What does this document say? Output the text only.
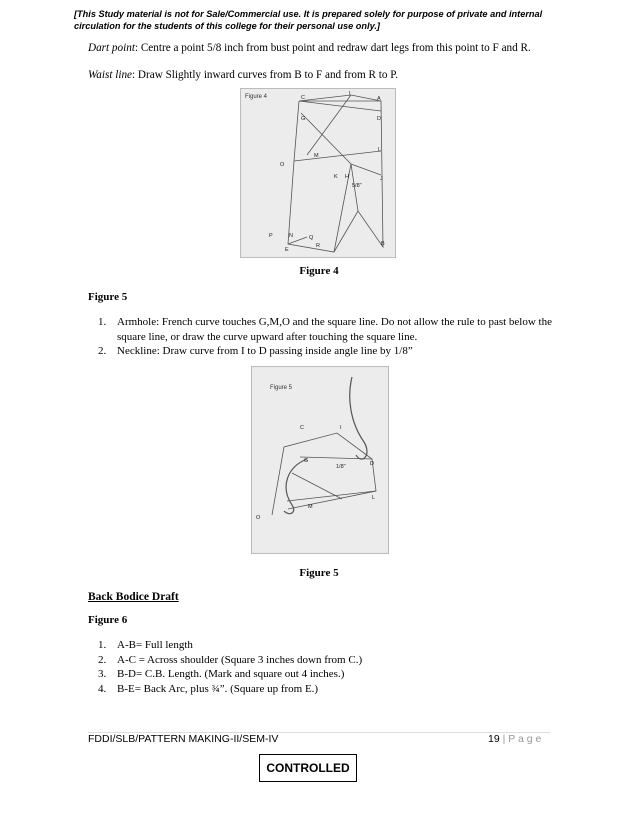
[This Study material is not for Sale/Commercial use. It is prepared solely for purpose of private and internal circulation for the students of this college for their personal use only.]
Dart point: Centre a point 5/8 inch from bust point and redraw dart legs from this point to F and R.
Waist line: Draw Slightly inward curves from B to F and from R to P.
Figure 4	C
I
A
G	D
L
M
O
K H	J
5/8"
P	N	Q
E
R	B
Figure 4
Figure 5
1. Armhole: French curve touches G,M,O and the square line. Do not allow the rule to past below the square line, or draw the curve upward after touching the square line.
2. Neckline: Draw curve from I to D passing inside angle line by 1/8”
Figure 5
C	I
G
1/8"	D
L
M
O
Figure 5
Back Bodice Draft
Figure 6
1. A-B= Full length
2. A-C = Across shoulder (Square 3 inches down from C.)
3. B-D= C.B. Length. (Mark and square out 4 inches.)
4. B-E= Back Arc, plus ¾”. (Square up from E.)
FDDI/SLB/PATTERN MAKING-II/SEM-IV	19 | P a g e
CONTROLLED
